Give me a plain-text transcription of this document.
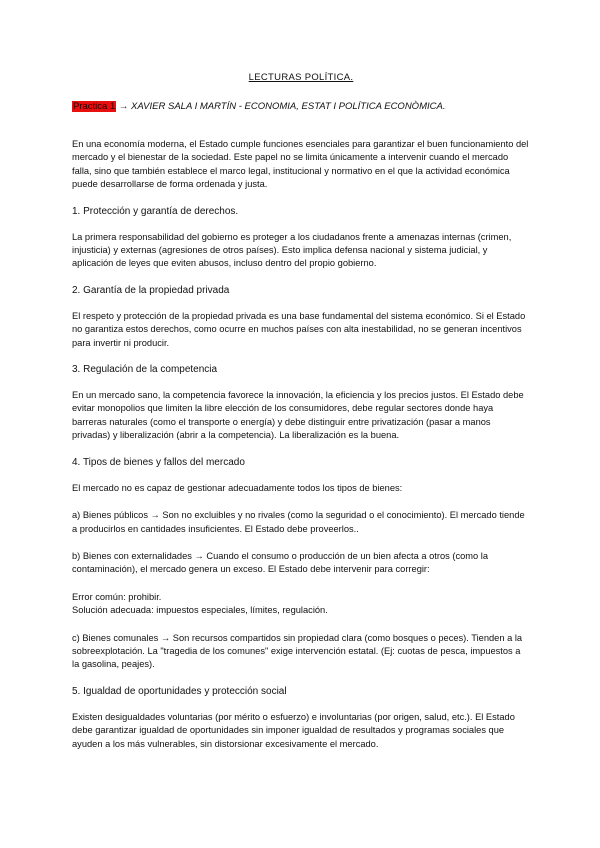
LECTURAS POLÍTICA.
Practica 1 → XAVIER SALA I MARTÍN - ECONOMIA, ESTAT I POLÍTICA ECONÒMICA.

En una economía moderna, el Estado cumple funciones esenciales para garantizar el buen funcionamiento del mercado y el bienestar de la sociedad. Este papel no se limita únicamente a intervenir cuando el mercado falla, sino que también establece el marco legal, institucional y normativo en el que la actividad económica puede desarrollarse de forma ordenada y justa.

1. Protección y garantía de derechos.

La primera responsabilidad del gobierno es proteger a los ciudadanos frente a amenazas internas (crimen, injusticia) y externas (agresiones de otros países). Esto implica defensa nacional y sistema judicial, y aplicación de leyes que eviten abusos, incluso dentro del propio gobierno.

2. Garantía de la propiedad privada

El respeto y protección de la propiedad privada es una base fundamental del sistema económico. Si el Estado no garantiza estos derechos, como ocurre en muchos países con alta inestabilidad, no se generan incentivos para invertir ni producir.

3. Regulación de la competencia

En un mercado sano, la competencia favorece la innovación, la eficiencia y los precios justos. El Estado debe evitar monopolios que limiten la libre elección de los consumidores, debe regular sectores donde haya barreras naturales (como el transporte o energía) y debe distinguir entre privatización (pasar a manos privadas) y liberalización (abrir a la competencia). La liberalización es la buena.

4. Tipos de bienes y fallos del mercado

El mercado no es capaz de gestionar adecuadamente todos los tipos de bienes:

a) Bienes públicos → Son no excluibles y no rivales (como la seguridad o el conocimiento). El mercado tiende a producirlos en cantidades insuficientes. El Estado debe proveerlos..

b) Bienes con externalidades → Cuando el consumo o producción de un bien afecta a otros (como la contaminación), el mercado genera un exceso. El Estado debe intervenir para corregir:

Error común: prohibir.

Solución adecuada: impuestos especiales, límites, regulación.

c) Bienes comunales → Son recursos compartidos sin propiedad clara (como bosques o peces). Tienden a la sobreexplotación. La "tragedia de los comunes" exige intervención estatal. (Ej: cuotas de pesca, impuestos a la gasolina, peajes).

5. Igualdad de oportunidades y protección social

Existen desigualdades voluntarias (por mérito o esfuerzo) e involuntarias (por origen, salud, etc.). El Estado debe garantizar igualdad de oportunidades sin imponer igualdad de resultados y programas sociales que ayuden a los más vulnerables, sin distorsionar excesivamente el mercado.
